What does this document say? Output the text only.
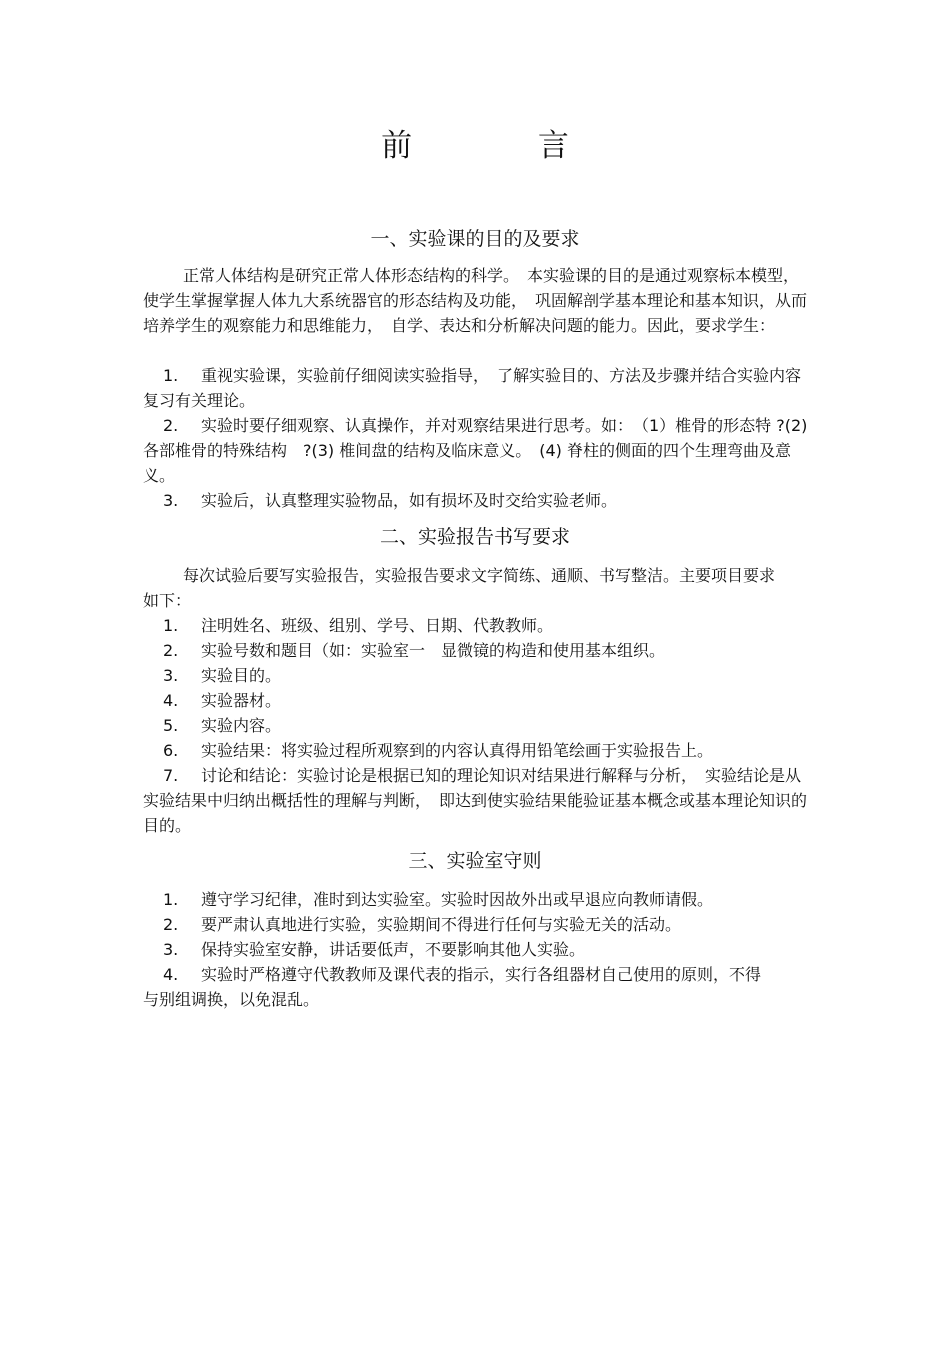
前 言
一、实验课的目的及要求
正常人体结构是研究正常人体形态结构的科学。　本实验课的目的是通过观察标本模型，使学生掌握掌握人体九大系统器官的形态结构及功能，　巩固解剖学基本理论和基本知识，从而培养学生的观察能力和思维能力，　自学、表达和分析解决问题的能力。因此，要求学生：
1. 重视实验课，实验前仔细阅读实验指导，　了解实验目的、方法及步骤并结合实验内容复习有关理论。
2. 实验时要仔细观察、认真操作，并对观察结果进行思考。如：　（1）椎骨的形态特 ?(2) 各部椎骨的特殊结构　?(3) 椎间盘的结构及临床意义。　(4) 脊柱的侧面的四个生理弯曲及意义。
3. 实验后，认真整理实验物品，如有损坏及时交给实验老师。
二、实验报告书写要求
每次试验后要写实验报告，实验报告要求文字简练、通顺、书写整洁。主要项目要求如下：
1. 注明姓名、班级、组别、学号、日期、代教教师。
2. 实验号数和题目（如：实验室一　显微镜的构造和使用基本组织。
3. 实验目的。
4. 实验器材。
5. 实验内容。
6. 实验结果：将实验过程所观察到的内容认真得用铅笔绘画于实验报告上。
7. 讨论和结论：实验讨论是根据已知的理论知识对结果进行解释与分析，　实验结论是从实验结果中归纳出概括性的理解与判断，　即达到使实验结果能验证基本概念或基本理论知识的目的。
三、实验室守则
1. 遵守学习纪律，准时到达实验室。实验时因故外出或早退应向教师请假。
2. 要严肃认真地进行实验，实验期间不得进行任何与实验无关的活动。
3. 保持实验室安静，讲话要低声，不要影响其他人实验。
4. 实验时严格遵守代教教师及课代表的指示，实行各组器材自己使用的原则，不得与别组调换，以免混乱。
